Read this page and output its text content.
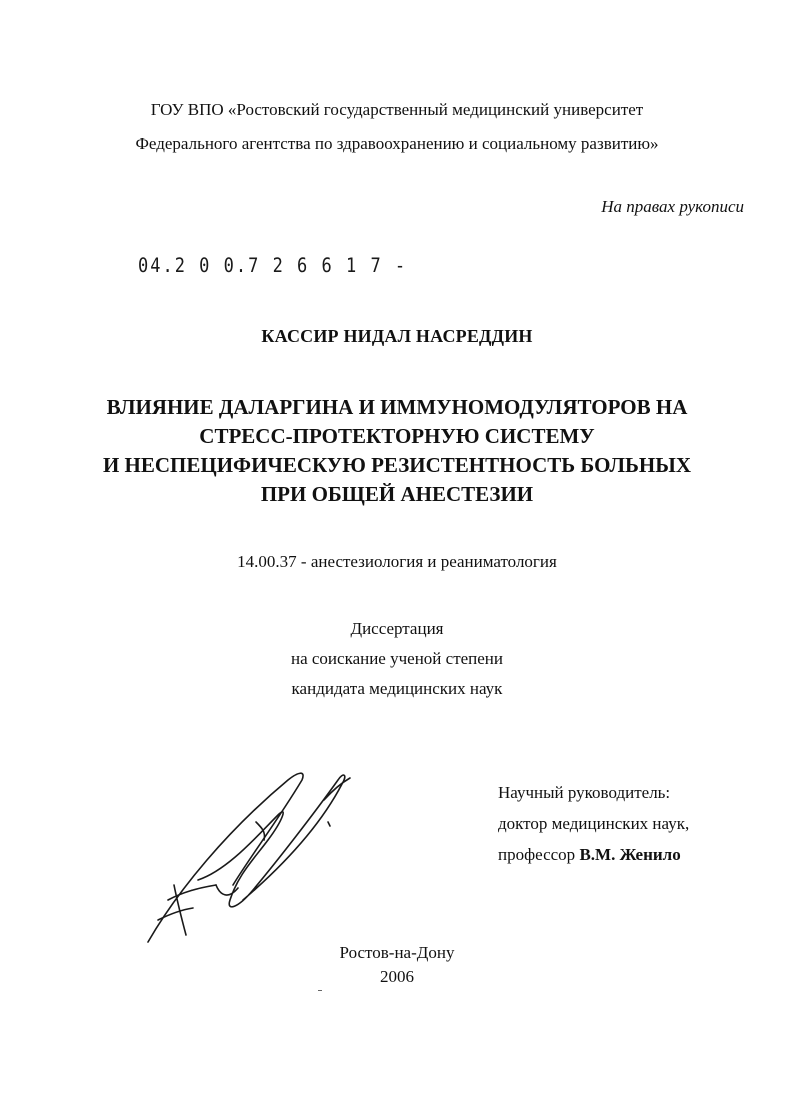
ГОУ ВПО «Ростовский государственный медицинский университет
Федерального агентства по здравоохранению и социальному развитию»
На правах рукописи
04.2 0 0.7 2 6 6 1 7 -
КАССИР НИДАЛ НАСРЕДДИН
ВЛИЯНИЕ ДАЛАРГИНА И ИММУНОМОДУЛЯТОРОВ НА
СТРЕСС-ПРОТЕКТОРНУЮ СИСТЕМУ
И НЕСПЕЦИФИЧЕСКУЮ РЕЗИСТЕНТНОСТЬ БОЛЬНЫХ
ПРИ ОБЩЕЙ АНЕСТЕЗИИ
14.00.37 - анестезиология и реаниматология
Диссертация
на соискание ученой степени
кандидата медицинских наук
Научный руководитель:
доктор медицинских наук,
профессор В.М. Женило
Ростов-на-Дону
2006
